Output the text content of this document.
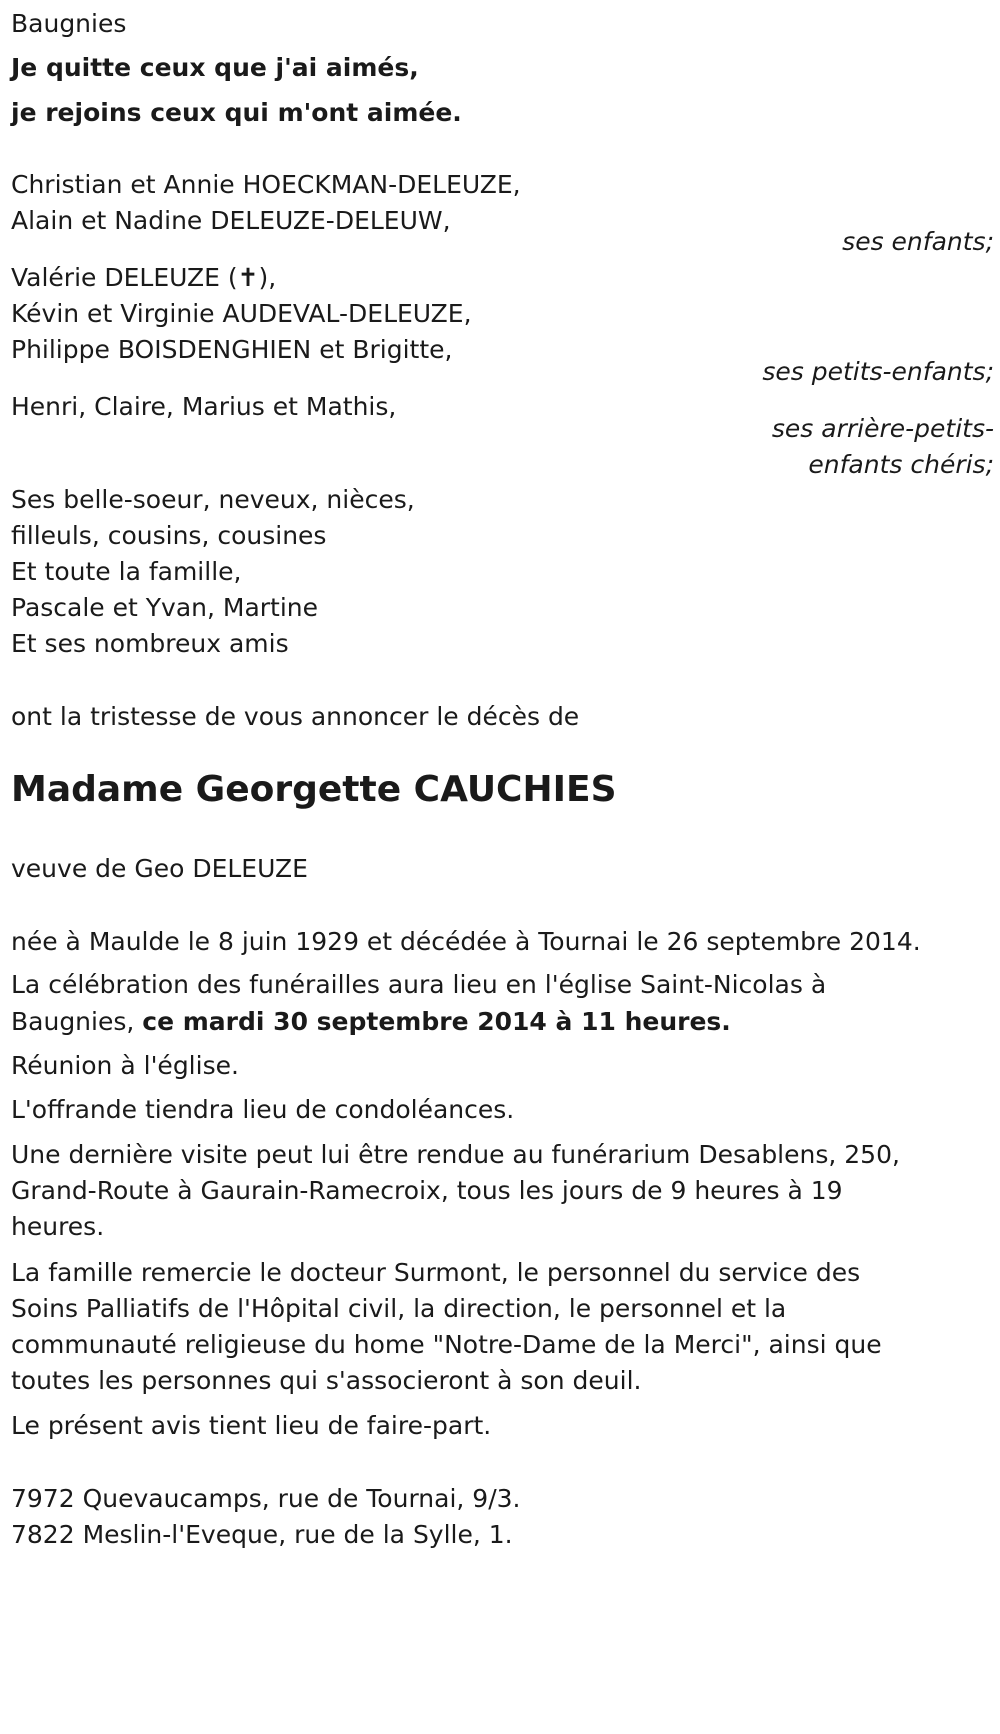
Baugnies
Je quitte ceux que j'ai aimés,
je rejoins ceux qui m'ont aimée.
Christian et Annie HOECKMAN-DELEUZE,
Alain et Nadine DELEUZE-DELEUW,
ses enfants;
Valérie DELEUZE (✝),
Kévin et Virginie AUDEVAL-DELEUZE,
Philippe BOISDENGHIEN et Brigitte,
ses petits-enfants;
Henri, Claire, Marius et Mathis,
ses arrière-petits-
enfants chéris;
Ses belle-soeur, neveux, nièces,
filleuls, cousins, cousines
Et toute la famille,
Pascale et Yvan, Martine
Et ses nombreux amis
ont la tristesse de vous annoncer le décès de
Madame Georgette CAUCHIES
veuve de Geo DELEUZE
née à Maulde le 8 juin 1929 et décédée à Tournai le 26 septembre 2014.
La célébration des funérailles aura lieu en l'église Saint-Nicolas à
Baugnies, ce mardi 30 septembre 2014 à 11 heures.
Réunion à l'église.
L'offrande tiendra lieu de condoléances.
Une dernière visite peut lui être rendue au funérarium Desablens, 250,
Grand-Route à Gaurain-Ramecroix, tous les jours de 9 heures à 19
heures.
La famille remercie le docteur Surmont, le personnel du service des
Soins Palliatifs de l'Hôpital civil, la direction, le personnel et la
communauté religieuse du home "Notre-Dame de la Merci", ainsi que
toutes les personnes qui s'associeront à son deuil.
Le présent avis tient lieu de faire-part.
7972 Quevaucamps, rue de Tournai, 9/3.
7822 Meslin-l'Eveque, rue de la Sylle, 1.
